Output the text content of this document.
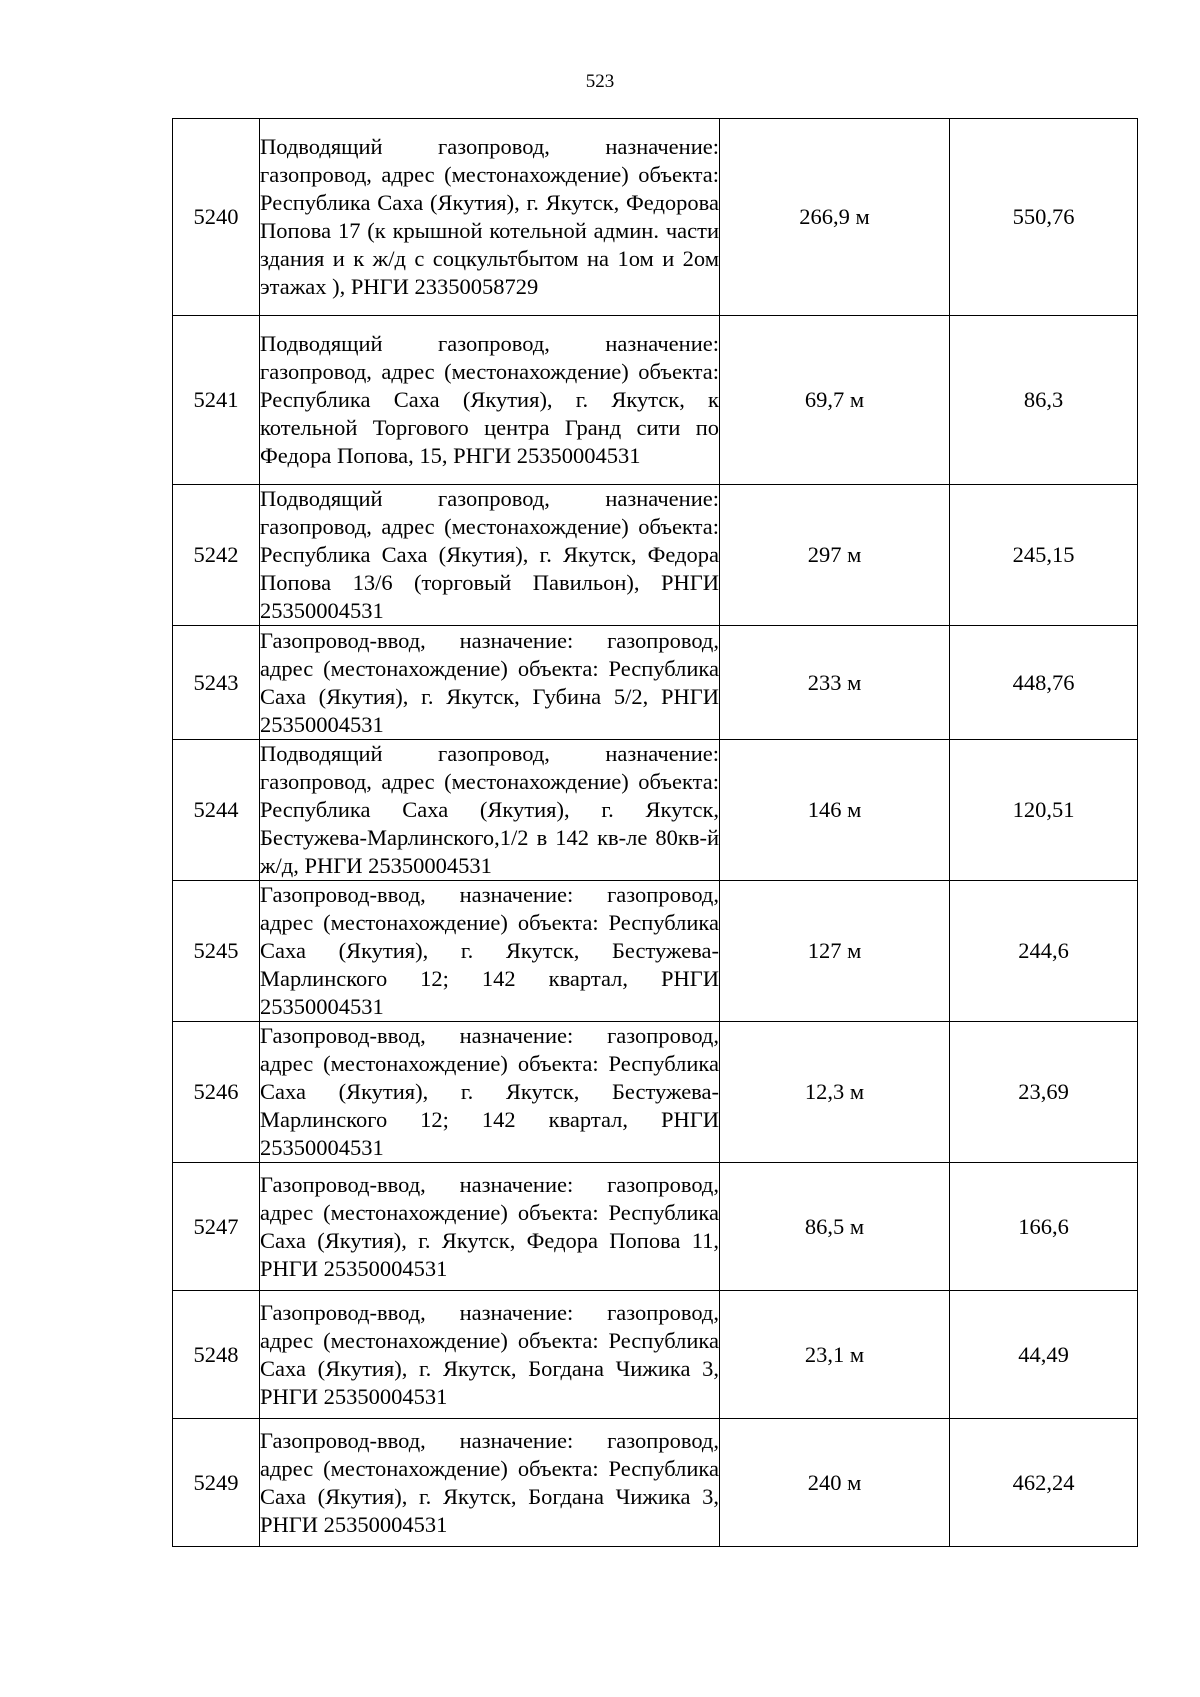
523
5240	Подводящий газопровод, назначение: газопровод, адрес (местонахождение) объекта: Республика Саха (Якутия), г. Якутск, Федорова Попова 17 (к крышной котельной админ. части здания и к ж/д с соцкультбытом на 1ом и 2ом этажах ), РНГИ 23350058729	266,9 м	550,76
5241	Подводящий газопровод, назначение: газопровод, адрес (местонахождение) объекта: Республика Саха (Якутия), г. Якутск, к котельной Торгового центра Гранд сити по Федора Попова, 15, РНГИ 25350004531	69,7 м	86,3
5242	Подводящий газопровод, назначение: газопровод, адрес (местонахождение) объекта: Республика Саха (Якутия), г. Якутск, Федора Попова 13/6 (торговый Павильон), РНГИ 25350004531	297 м	245,15
5243	Газопровод-ввод, назначение: газопровод, адрес (местонахождение) объекта: Республика Саха (Якутия), г. Якутск, Губина 5/2, РНГИ 25350004531	233 м	448,76
5244	Подводящий газопровод, назначение: газопровод, адрес (местонахождение) объекта: Республика Саха (Якутия), г. Якутск, Бестужева-Марлинского,1/2 в 142 кв-ле 80кв-й ж/д, РНГИ 25350004531	146 м	120,51
5245	Газопровод-ввод, назначение: газопровод, адрес (местонахождение) объекта: Республика Саха (Якутия), г. Якутск, Бестужева-Марлинского 12; 142 квартал, РНГИ 25350004531	127 м	244,6
5246	Газопровод-ввод, назначение: газопровод, адрес (местонахождение) объекта: Республика Саха (Якутия), г. Якутск, Бестужева-Марлинского 12; 142 квартал, РНГИ 25350004531	12,3 м	23,69
5247	Газопровод-ввод, назначение: газопровод, адрес (местонахождение) объекта: Республика Саха (Якутия), г. Якутск, Федора Попова 11, РНГИ 25350004531	86,5 м	166,6
5248	Газопровод-ввод, назначение: газопровод, адрес (местонахождение) объекта: Республика Саха (Якутия), г. Якутск, Богдана Чижика 3, РНГИ 25350004531	23,1 м	44,49
5249	Газопровод-ввод, назначение: газопровод, адрес (местонахождение) объекта: Республика Саха (Якутия), г. Якутск, Богдана Чижика 3, РНГИ 25350004531	240 м	462,24
